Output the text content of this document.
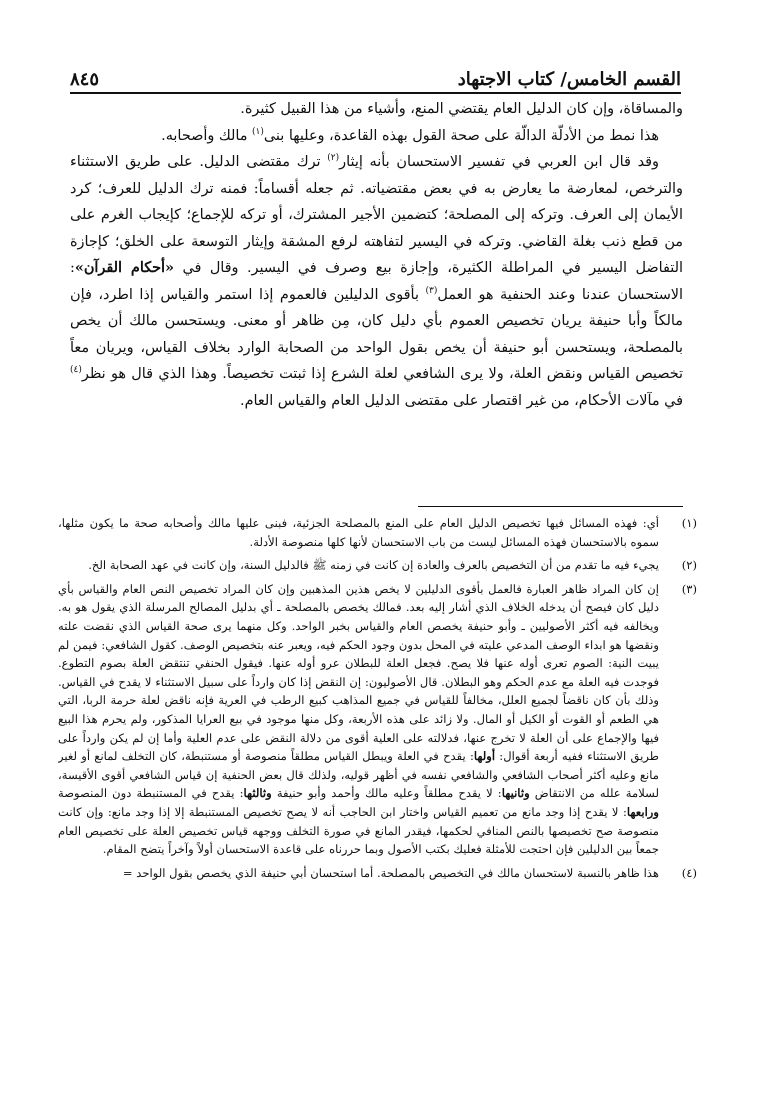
القسم الخامس/ كتاب الاجتهاد
٨٤٥

والمساقاة، وإن كان الدليل العام يقتضي المنع، وأشياء من هذا القبيل كثيرة.

هذا نمط من الأدلّة الدالّة على صحة القول بهذه القاعدة، وعليها بنى$^{(١)}$ مالك وأصحابه.

وقد قال ابن العربي في تفسير الاستحسان بأنه إيثار$^{(٢)}$ ترك مقتضى الدليل. على طريق الاستثناء والترخص، لمعارضة ما يعارض به في بعض مقتضياته. ثم جعله أقساماً: فمنه ترك الدليل للعرف؛ كرد الأيمان إلى العرف. وتركه إلى المصلحة؛ كتضمين الأجير المشترك، أو تركه للإجماع؛ كإيجاب الغرم على من قطع ذنب بغلة القاضي. وتركه في اليسير لتفاهته لرفع المشقة وإيثار التوسعة على الخلق؛ كإجازة التفاضل اليسير في المراطلة الكثيرة، وإجازة بيع وصرف في اليسير. وقال في «أحكام القرآن»: الاستحسان عندنا وعند الحنفية هو العمل$^{(٣)}$ بأقوى الدليلين فالعموم إذا استمر والقياس إذا اطرد، فإن مالكاً وأبا حنيفة يريان تخصيص العموم بأي دليل كان، مِن ظاهر أو معنى. ويستحسن مالك أن يخص بالمصلحة، ويستحسن أبو حنيفة أن يخص بقول الواحد من الصحابة الوارد بخلاف القياس، ويريان معاً تخصيص القياس ونقض العلة، ولا يرى الشافعي لعلة الشرع إذا ثبتت تخصيصاً. وهذا الذي قال هو نظر$^{(٤)}$ في مآلات الأحكام، من غير اقتصار على مقتضى الدليل العام والقياس العام.

(١)
أي: فهذه المسائل فيها تخصيص الدليل العام على المنع بالمصلحة الجزئية، فبنى عليها مالك وأصحابه صحة ما يكون مثلها، سموه بالاستحسان فهذه المسائل ليست من باب الاستحسان لأنها كلها منصوصة الأدلة.
(٢)
يجيء فيه ما تقدم من أن التخصيص بالعرف والعادة إن كانت في زمنه ﷺ فالدليل السنة، وإن كانت في عهد الصحابة الخ.
(٣)
إن كان المراد ظاهر العبارة فالعمل بأقوى الدليلين لا يخص هذين المذهبين وإن كان المراد تخصيص النص العام والقياس بأي دليل كان فيصح أن يدخله الخلاف الذي أشار إليه بعد. فمالك يخصص بالمصلحة ـ أي بدليل المصالح المرسلة الذي يقول هو به. ويخالفه فيه أكثر الأصوليين ـ وأبو حنيفة يخصص العام والقياس بخبر الواحد. وكل منهما يرى صحة القياس الذي نقضت علته ونقضها هو ابداء الوصف المدعي عليته في المحل بدون وجود الحكم فيه، ويعبر عنه بتخصيص الوصف. كقول الشافعي: فيمن لم يبيت النية: الصوم تعرى أوله عنها فلا يصح. فجعل العلة للبطلان عرو أوله عنها. فيقول الحنفي تنتقض العلة بصوم التطوع. فوجدت فيه العلة مع عدم الحكم وهو البطلان. قال الأصوليون: إن النقض إذا كان وارداً على سبيل الاستثناء لا يقدح في القياس. وذلك بأن كان ناقضاً لجميع العلل، مخالفاً للقياس في جميع المذاهب كبيع الرطب في العرية فإنه ناقض لعلة حرمة الربا، التي هي الطعم أو القوت أو الكيل أو المال. ولا زائد على هذه الأربعة، وكل منها موجود في بيع العرايا المذكور، ولم يحرم هذا البيع فيها والإجماع على أن العلة لا تخرج عنها، فدلالته على العلية أقوى من دلالة النقض على عدم العلية وأما إن لم يكن وارداً على طريق الاستثناء ففيه أربعة أقوال: أولها: يقدح في العلة ويبطل القياس مطلقاً منصوصة أو مستنبطة، كان التخلف لمانع أو لغير مانع وعليه أكثر أصحاب الشافعي والشافعي نفسه في أظهر قوليه، ولذلك قال بعض الحنفية إن قياس الشافعي أقوى الأقيسة، لسلامة علله من الانتقاض وثانيها: لا يقدح مطلقاً وعليه مالك وأحمد وأبو حنيفة وثالثها: يقدح في المستنبطة دون المنصوصة ورابعها: لا يقدح إذا وجد مانع من تعميم القياس واختار ابن الحاجب أنه لا يصح تخصيص المستنبطة إلا إذا وجد مانع: وإن كانت منصوصة صح تخصيصها بالنص المنافي لحكمها، فيقدر المانع في صورة التخلف ووجهه قياس تخصيص العلة على تخصيص العام جمعاً بين الدليلين فإن احتجت للأمثلة فعليك بكتب الأصول وبما حررناه على قاعدة الاستحسان أولاً وآخراً يتضح المقام.
(٤)
هذا ظاهر بالنسبة لاستحسان مالك في التخصيص بالمصلحة. أما استحسان أبي حنيفة الذي يخصص بقول الواحد =
